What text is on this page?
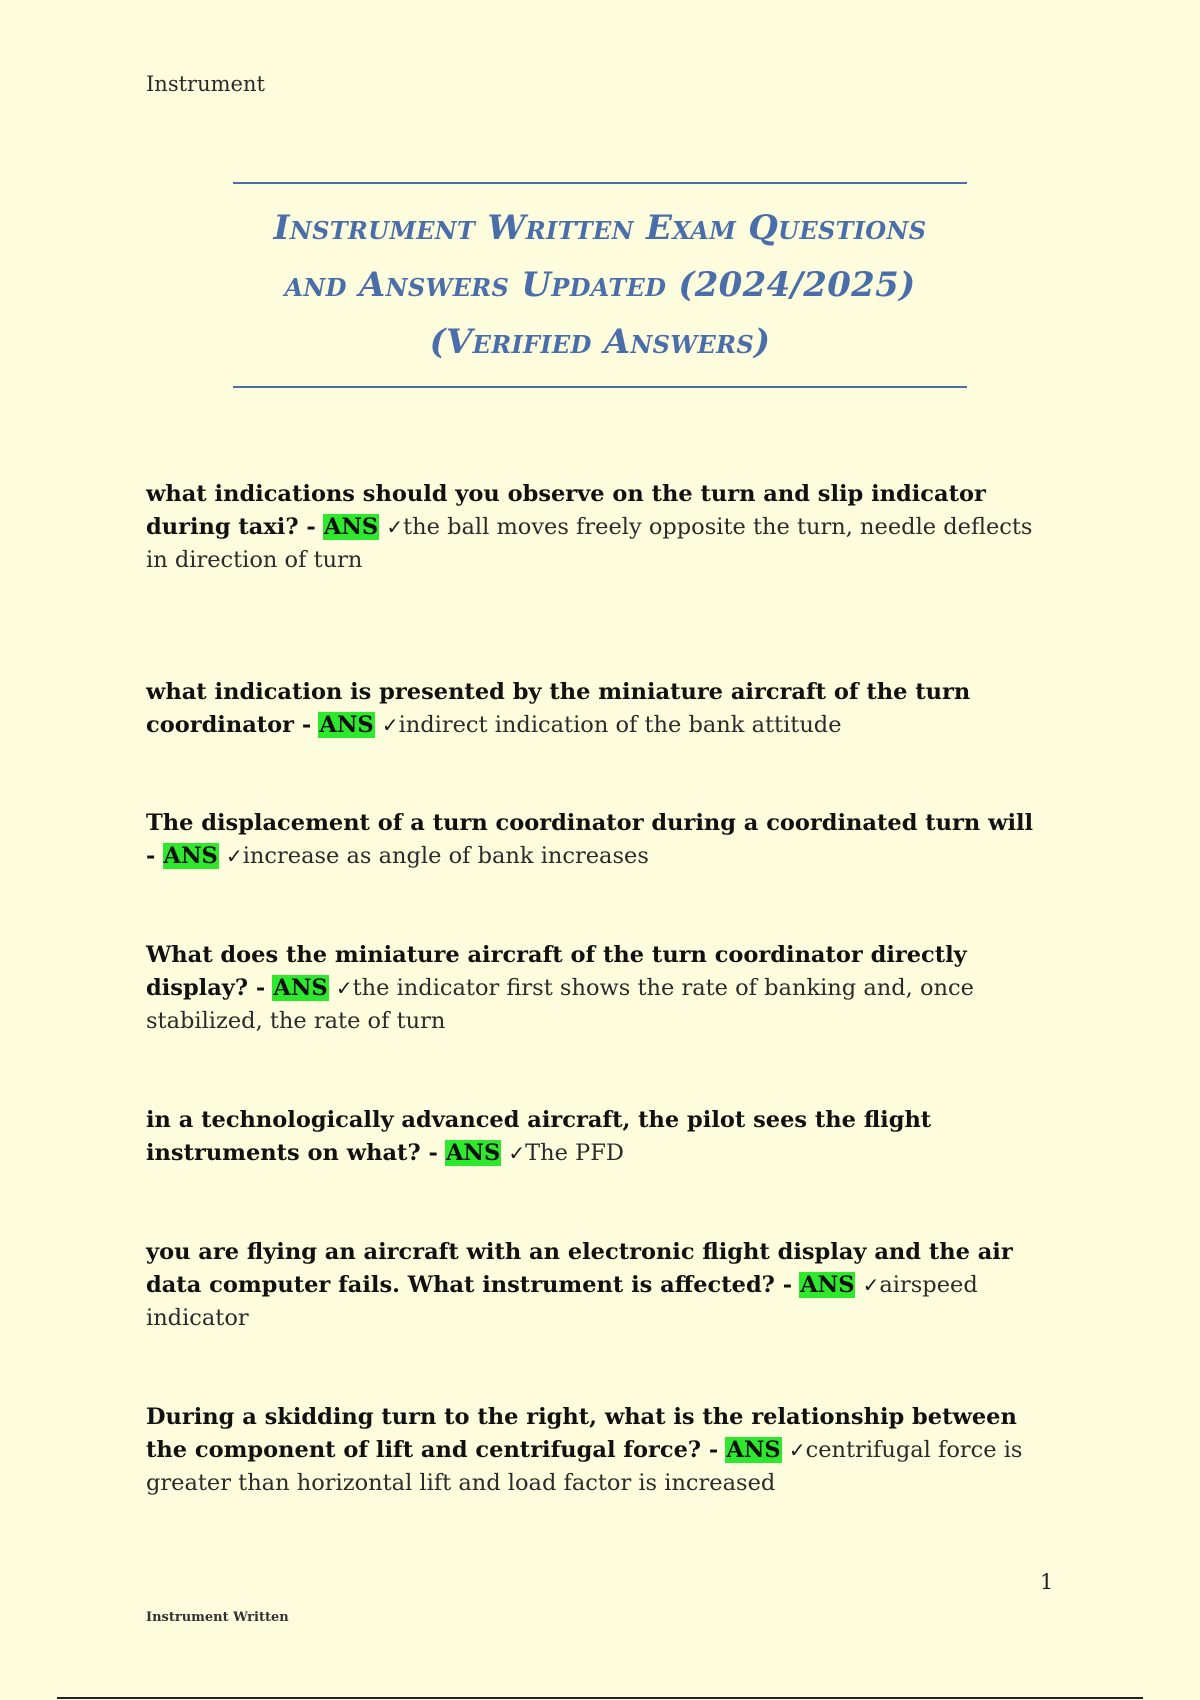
Instrument
Instrument Written Exam Questions
and Answers Updated (2024/2025)
(Verified Answers)
what indications should you observe on the turn and slip indicator during taxi? - ANS ✓the ball moves freely opposite the turn, needle deflects in direction of turn
what indication is presented by the miniature aircraft of the turn coordinator - ANS ✓indirect indication of the bank attitude
The displacement of a turn coordinator during a coordinated turn will - ANS ✓increase as angle of bank increases
What does the miniature aircraft of the turn coordinator directly display? - ANS ✓the indicator first shows the rate of banking and, once stabilized, the rate of turn
in a technologically advanced aircraft, the pilot sees the flight instruments on what? - ANS ✓The PFD
you are flying an aircraft with an electronic flight display and the air data computer fails. What instrument is affected? - ANS ✓airspeed indicator
During a skidding turn to the right, what is the relationship between the component of lift and centrifugal force? - ANS ✓centrifugal force is greater than horizontal lift and load factor is increased
1
Instrument Written
